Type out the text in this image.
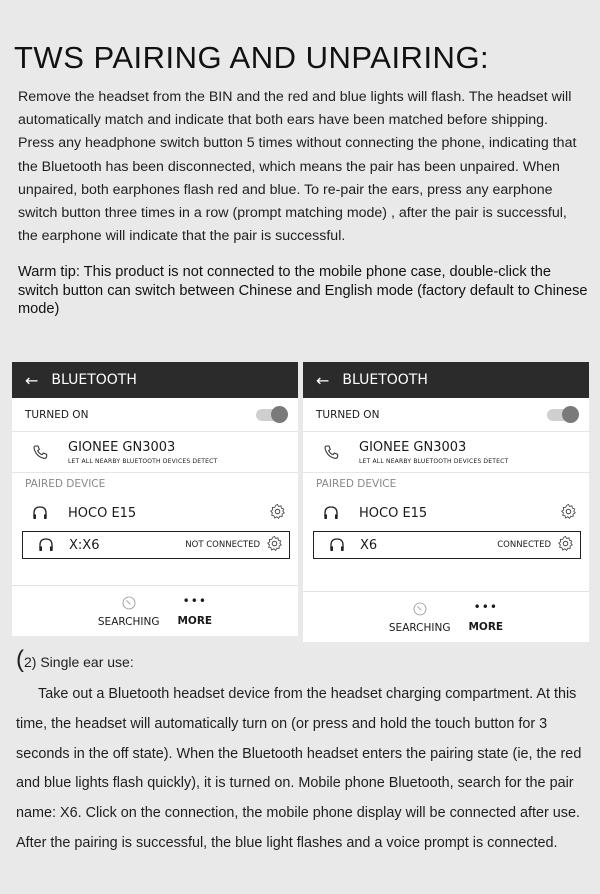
TWS PAIRING AND UNPAIRING:
Remove the headset from the BIN and the red and blue lights will flash. The headset will automatically match and indicate that both ears have been matched before shipping. Press any headphone switch button 5 times without connecting the phone, indicating that the Bluetooth has been disconnected, which means the pair has been unpaired. When unpaired, both earphones flash red and blue. To re-pair the ears, press any earphone switch button three times in a row (prompt matching mode) , after the pair is successful, the earphone will indicate that the pair is successful.
Warm tip: This product is not connected to the mobile phone case, double-click the switch button can switch between Chinese and English mode (factory default to Chinese mode)
← BLUETOOTH
TURNED ON
GIONEE GN3003
LET ALL NEARBY BLUETOOTH DEVICES DETECT
PAIRED DEVICE
HOCO E15
X:X6	NOT CONNECTED
SEARCHING
•••
MORE
← BLUETOOTH
TURNED ON
GIONEE GN3003
LET ALL NEARBY BLUETOOTH DEVICES DETECT
PAIRED DEVICE
HOCO E15
X6	CONNECTED
SEARCHING
•••
MORE
(2) Single ear use:
Take out a Bluetooth headset device from the headset charging compartment. At this time, the headset will automatically turn on (or press and hold the touch button for 3 seconds in the off state). When the Bluetooth headset enters the pairing state (ie, the red and blue lights flash quickly), it is turned on. Mobile phone Bluetooth, search for the pair name: X6. Click on the connection, the mobile phone display will be connected after use. After the pairing is successful, the blue light flashes and a voice prompt is connected.
